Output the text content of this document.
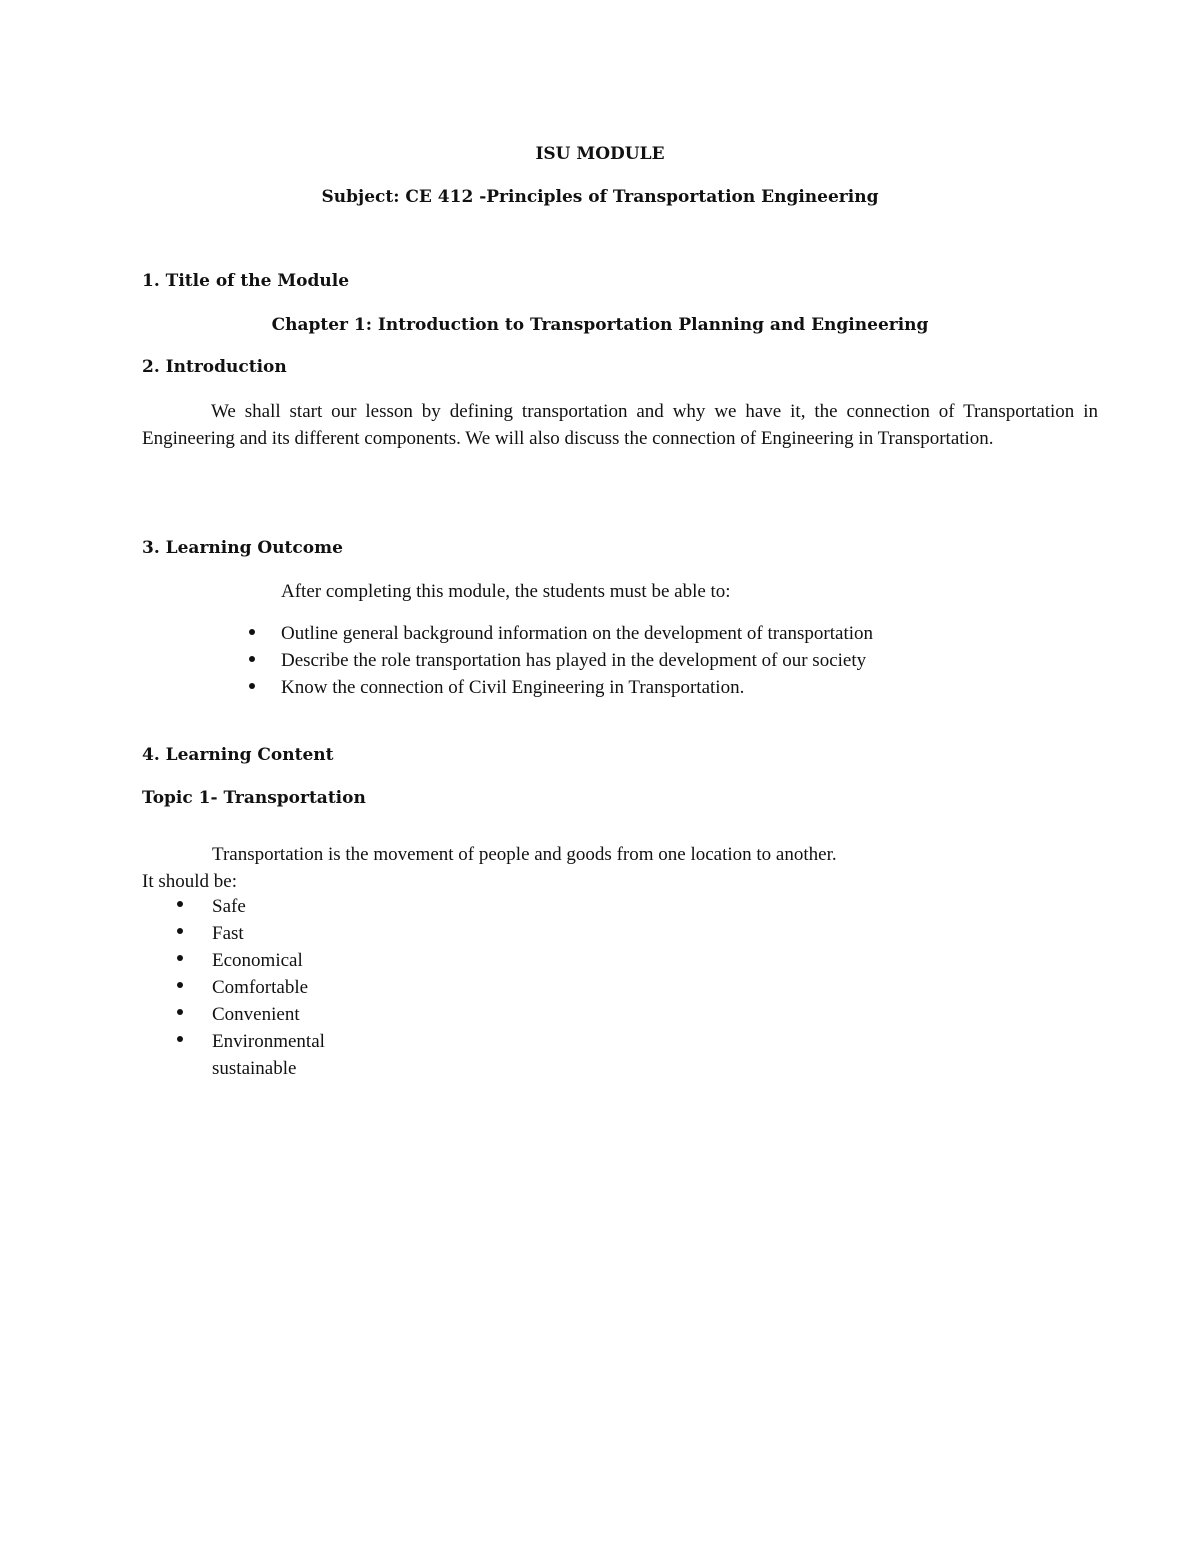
ISU MODULE
Subject: CE 412 -Principles of Transportation Engineering
1. Title of the Module
Chapter 1: Introduction to Transportation Planning and Engineering
2. Introduction
We shall start our lesson by defining transportation and why we have it, the connection of Transportation in Engineering and its different components. We will also discuss the connection of Engineering in Transportation.
3. Learning Outcome
After completing this module, the students must be able to:
Outline general background information on the development of transportation
Describe the role transportation has played in the development of our society
Know the connection of Civil Engineering in Transportation.
4. Learning Content
Topic 1- Transportation
Transportation is the movement of people and goods from one location to another.
It should be:
Safe
Fast
Economical
Comfortable
Convenient
Environmental
sustainable
